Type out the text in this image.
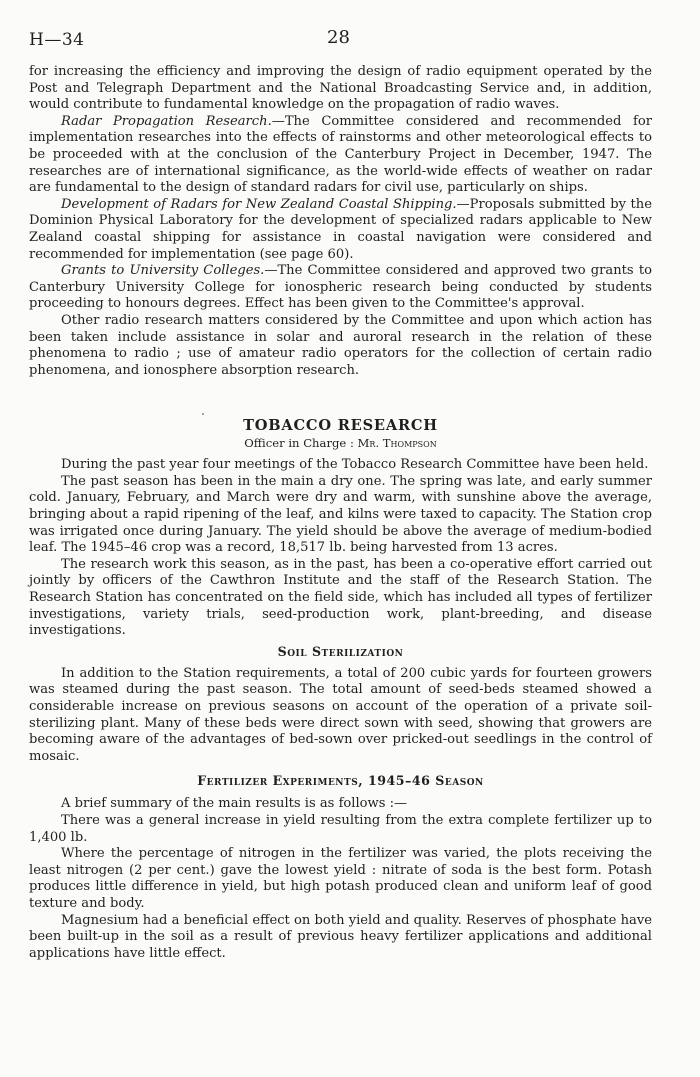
H—34	28

for increasing the efficiency and improving the design of radio equipment operated by the Post and Telegraph Department and the National Broadcasting Service and, in addition, would contribute to fundamental knowledge on the propagation of radio waves.

Radar Propagation Research.—The Committee considered and recommended for implementation researches into the effects of rainstorms and other meteorological effects to be proceeded with at the conclusion of the Canterbury Project in December, 1947. The researches are of international significance, as the world-wide effects of weather on radar are fundamental to the design of standard radars for civil use, particularly on ships.

Development of Radars for New Zealand Coastal Shipping.—Proposals submitted by the Dominion Physical Laboratory for the development of specialized radars applicable to New Zealand coastal shipping for assistance in coastal navigation were considered and recommended for implementation (see page 60).

Grants to University Colleges.—The Committee considered and approved two grants to Canterbury University College for ionospheric research being conducted by students proceeding to honours degrees. Effect has been given to the Committee's approval.

Other radio research matters considered by the Committee and upon which action has been taken include assistance in solar and auroral research in the relation of these phenomena to radio ; use of amateur radio operators for the collection of certain radio phenomena, and ionosphere absorption research.

TOBACCO RESEARCH

Officer in Charge : Mr. Thompson

During the past year four meetings of the Tobacco Research Committee have been held.

The past season has been in the main a dry one. The spring was late, and early summer cold. January, February, and March were dry and warm, with sunshine above the average, bringing about a rapid ripening of the leaf, and kilns were taxed to capacity. The Station crop was irrigated once during January. The yield should be above the average of medium-bodied leaf. The 1945–46 crop was a record, 18,517 lb. being harvested from 13 acres.

The research work this season, as in the past, has been a co-operative effort carried out jointly by officers of the Cawthron Institute and the staff of the Research Station. The Research Station has concentrated on the field side, which has included all types of fertilizer investigations, variety trials, seed-production work, plant-breeding, and disease investigations.

Soil Sterilization

In addition to the Station requirements, a total of 200 cubic yards for fourteen growers was steamed during the past season. The total amount of seed-beds steamed showed a considerable increase on previous seasons on account of the operation of a private soil-sterilizing plant. Many of these beds were direct sown with seed, showing that growers are becoming aware of the advantages of bed-sown over pricked-out seedlings in the control of mosaic.

Fertilizer Experiments, 1945–46 Season

A brief summary of the main results is as follows :—

There was a general increase in yield resulting from the extra complete fertilizer up to 1,400 lb.

Where the percentage of nitrogen in the fertilizer was varied, the plots receiving the least nitrogen (2 per cent.) gave the lowest yield : nitrate of soda is the best form. Potash produces little difference in yield, but high potash produced clean and uniform leaf of good texture and body.

Magnesium had a beneficial effect on both yield and quality. Reserves of phosphate have been built-up in the soil as a result of previous heavy fertilizer applications and additional applications have little effect.
